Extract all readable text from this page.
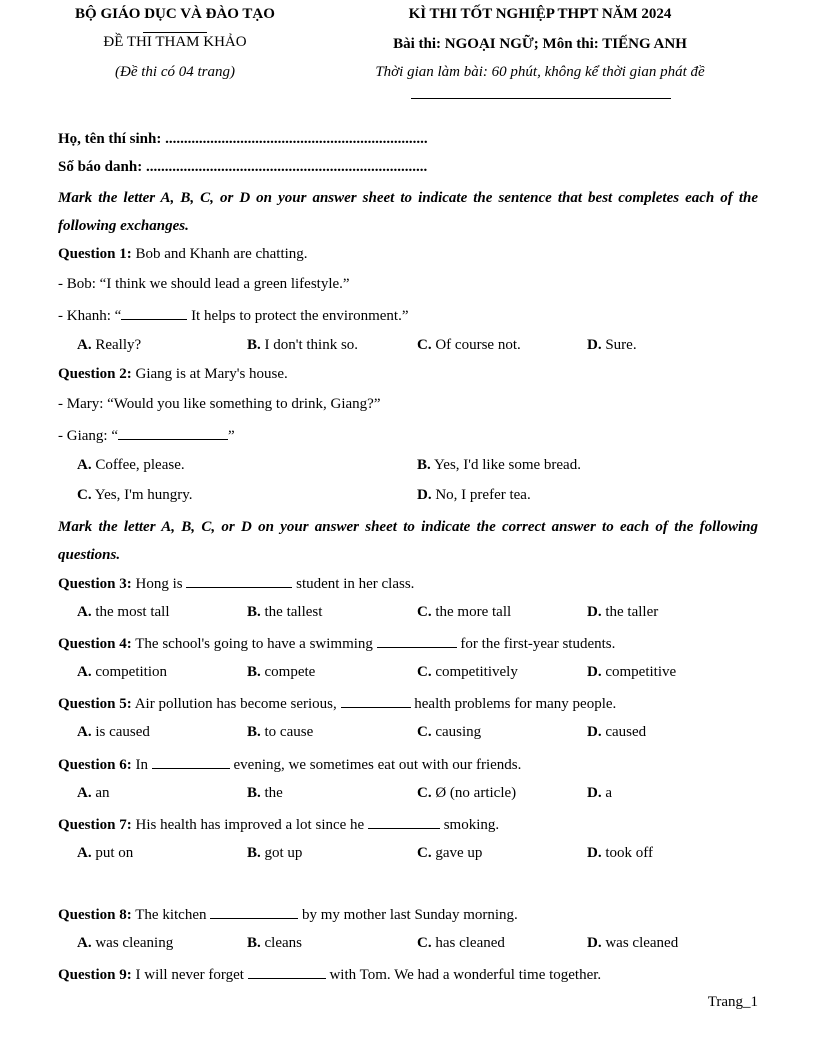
BỘ GIÁO DỤC VÀ ĐÀO TẠO
ĐỀ THI THAM KHẢO
(Đề thi có 04 trang)
KÌ THI TỐT NGHIỆP THPT NĂM 2024
Bài thi: NGOẠI NGỮ; Môn thi: TIẾNG ANH
Thời gian làm bài: 60 phút, không kể thời gian phát đề
Họ, tên thí sinh: ......................................................................
Số báo danh: ...........................................................................
Mark the letter A, B, C, or D on your answer sheet to indicate the sentence that best completes each of the following exchanges.
Question 1: Bob and Khanh are chatting.
- Bob: “I think we should lead a green lifestyle.”
- Khanh: “	It helps to protect the environment.”
A. Really?	B. I don't think so.	C. Of course not.	D. Sure.
Question 2: Giang is at Mary's house.
- Mary: “Would you like something to drink, Giang?”
- Giang: “	”
A. Coffee, please.	B. Yes, I'd like some bread.
C. Yes, I'm hungry.	D. No, I prefer tea.
Mark the letter A, B, C, or D on your answer sheet to indicate the correct answer to each of the following questions.
Question 3: Hong is	student in her class.
A. the most tall	B. the tallest	C. the more tall	D. the taller
Question 4: The school's going to have a swimming	for the first-year students.
A. competition	B. compete	C. competitively	D. competitive
Question 5: Air pollution has become serious,	health problems for many people.
A. is caused	B. to cause	C. causing	D. caused
Question 6: In	evening, we sometimes eat out with our friends.
A. an	B. the	C. Ø (no article)	D. a
Question 7: His health has improved a lot since he	smoking.
A. put on	B. got up	C. gave up	D. took off
Question 8: The kitchen	by my mother last Sunday morning.
A. was cleaning	B. cleans	C. has cleaned	D. was cleaned
Question 9: I will never forget	with Tom. We had a wonderful time together.
Trang_1
